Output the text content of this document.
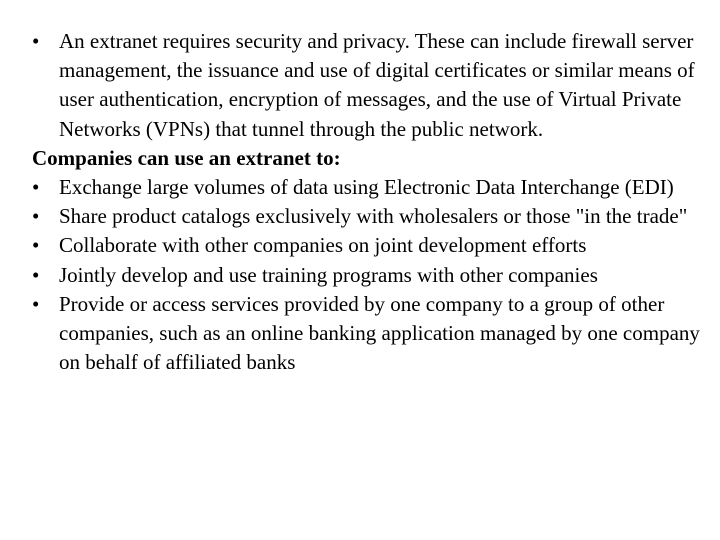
• An extranet requires security and privacy. These can include firewall server management, the issuance and use of digital certificates or similar means of user authentication, encryption of messages, and the use of Virtual Private Networks (VPNs) that tunnel through the public network.
Companies can use an extranet to:
• Exchange large volumes of data using Electronic Data Interchange (EDI)
• Share product catalogs exclusively with wholesalers or those "in the trade"
• Collaborate with other companies on joint development efforts
• Jointly develop and use training programs with other companies
• Provide or access services provided by one company to a group of other companies, such as an online banking application managed by one company on behalf of affiliated banks
